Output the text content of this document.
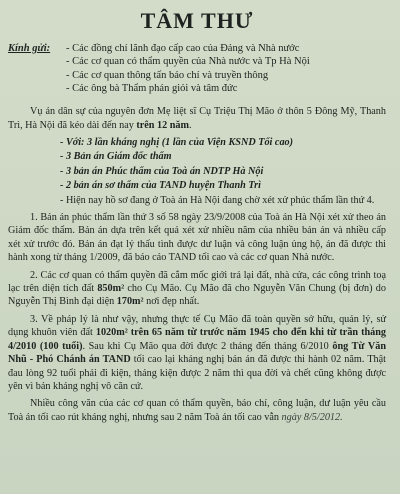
TÂM THƯ
Kính gửi:	- Các đồng chí lãnh đạo cấp cao của Đảng và Nhà nước
- Các cơ quan có thẩm quyền của Nhà nước và Tp Hà Nội
- Các cơ quan thông tấn báo chí và truyền thông
- Các ông bà Thẩm phán giỏi và tâm đức

Vụ án dân sự của nguyên đơn Mẹ liệt sĩ Cụ Triệu Thị Mão ở thôn 5 Đông Mỹ, Thanh Trì, Hà Nội đã kéo dài đến nay trên 12 năm.

- Với: 3 lần kháng nghị (1 lần của Viện KSND Tối cao)
- 3 Bản án Giám đốc thẩm
- 3 bản án Phúc thẩm của Toà án NDTP Hà Nội
- 2 bản án sơ thẩm của TAND huyện Thanh Trì
- Hiện nay hồ sơ đang ở Toà án Hà Nội đang chờ xét xử phúc thẩm lần thứ 4.

1. Bản án phúc thẩm lần thứ 3 số 58 ngày 23/9/2008 của Toà án Hà Nội xét xử theo án Giám đốc thẩm. Bản án dựa trên kết quả xét xử nhiều năm của nhiều bản án và nhiều cấp xét xử trước đó. Bản án đạt lý thấu tình được dư luận và công luận ủng hộ, án đã được thi hành xong từ tháng 1/2009, đã báo cáo TAND tối cao và các cơ quan Nhà nước.

2. Các cơ quan có thẩm quyền đã cắm mốc giới trả lại đất, nhà cửa, các công trình toạ lạc trên diện tích đất 850m² cho Cụ Mão. Cụ Mão đã cho Nguyễn Văn Chung (bị đơn) do Nguyễn Thị Bình đại diện 170m² nơi đẹp nhất.

3. Về pháp lý là như vậy, nhưng thực tế Cụ Mão đã toàn quyền sở hữu, quản lý, sử dụng khuôn viên đất 1020m² trên 65 năm từ trước năm 1945 cho đến khi từ trần tháng 4/2010 (100 tuổi). Sau khi Cụ Mão qua đời được 2 tháng đến tháng 6/2010 ông Từ Văn Nhũ - Phó Chánh án TAND tối cao lại kháng nghị bản án đã được thi hành 02 năm. Thật đau lòng 92 tuổi phải đi kiện, tháng kiện được 2 năm thì qua đời và chết cũng không được yên vì bản kháng nghị vô căn cứ.

Nhiều công văn của các cơ quan có thẩm quyền, báo chí, công luận, dư luận yêu cầu Toà án tối cao rút kháng nghị, nhưng sau 2 năm Toà án tối cao vẫn ngày 8/5/2012.
